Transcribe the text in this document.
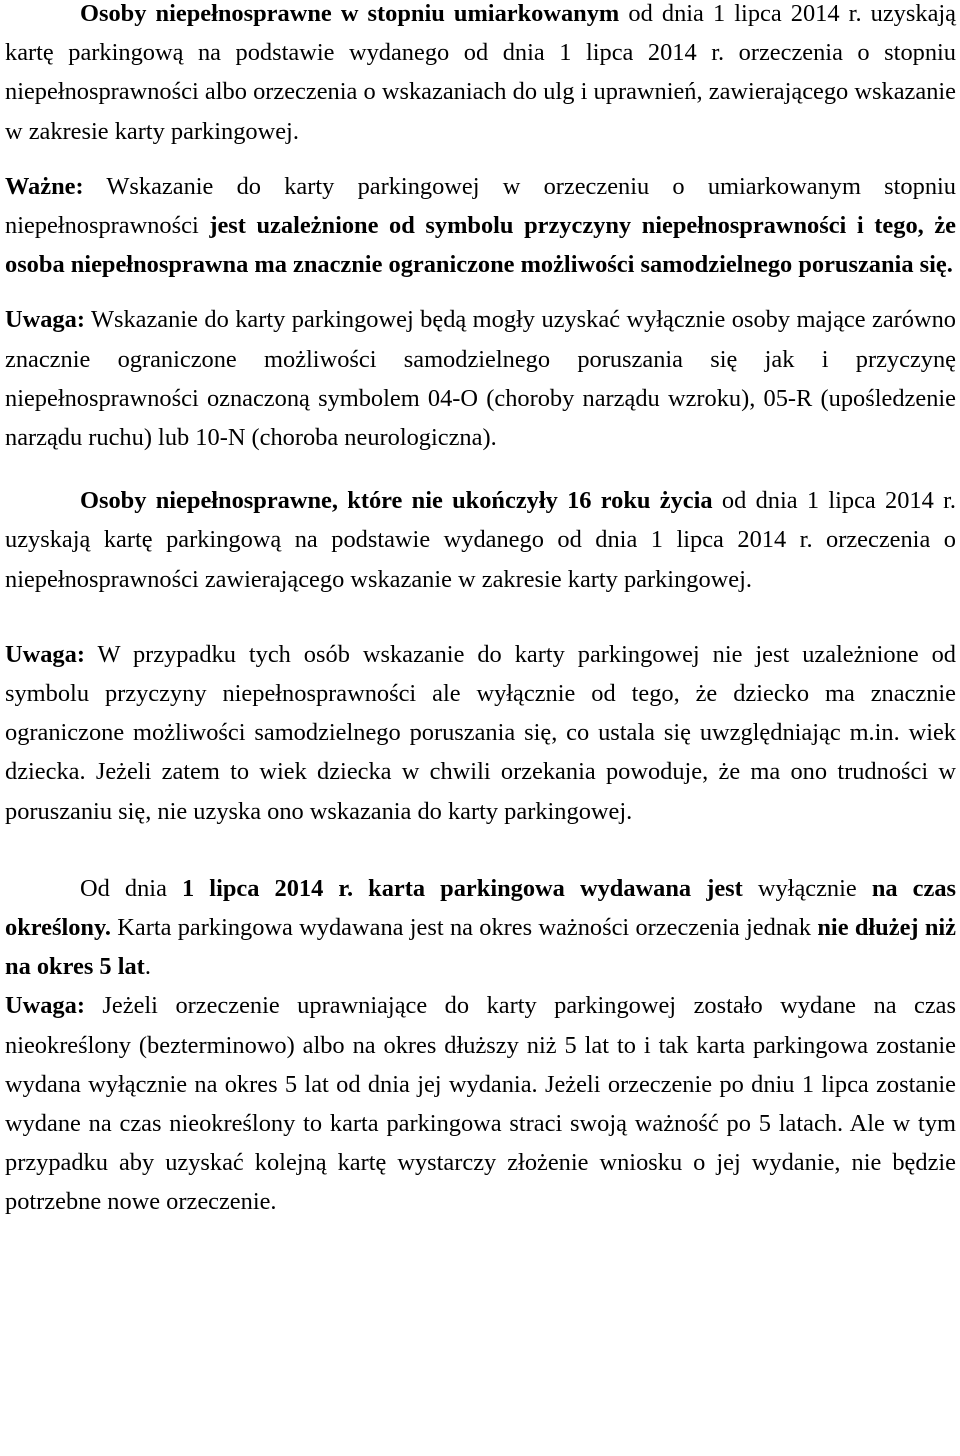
Osoby niepełnosprawne w stopniu umiarkowanym od dnia 1 lipca 2014 r. uzyskają kartę parkingową na podstawie wydanego od dnia 1 lipca 2014 r. orzeczenia o stopniu niepełnosprawności albo orzeczenia o wskazaniach do ulg i uprawnień, zawierającego wskazanie w zakresie karty parkingowej.

Ważne: Wskazanie do karty parkingowej w orzeczeniu o umiarkowanym stopniu niepełnosprawności jest uzależnione od symbolu przyczyny niepełnosprawności i tego, że osoba niepełnosprawna ma znacznie ograniczone możliwości samodzielnego poruszania się.

Uwaga: Wskazanie do karty parkingowej będą mogły uzyskać wyłącznie osoby mające zarówno znacznie ograniczone możliwości samodzielnego poruszania się jak i przyczynę niepełnosprawności oznaczoną symbolem 04-O (choroby narządu wzroku), 05-R (upośledzenie narządu ruchu) lub 10-N (choroba neurologiczna).

Osoby niepełnosprawne, które nie ukończyły 16 roku życia od dnia 1 lipca 2014 r. uzyskają kartę parkingową na podstawie wydanego od dnia 1 lipca 2014 r. orzeczenia o niepełnosprawności zawierającego wskazanie w zakresie karty parkingowej.

Uwaga: W przypadku tych osób wskazanie do karty parkingowej nie jest uzależnione od symbolu przyczyny niepełnosprawności ale wyłącznie od tego, że dziecko ma znacznie ograniczone możliwości samodzielnego poruszania się, co ustala się uwzględniając m.in. wiek dziecka. Jeżeli zatem to wiek dziecka w chwili orzekania powoduje, że ma ono trudności w poruszaniu się, nie uzyska ono wskazania do karty parkingowej.

Od dnia 1 lipca 2014 r. karta parkingowa wydawana jest wyłącznie na czas określony. Karta parkingowa wydawana jest na okres ważności orzeczenia jednak nie dłużej niż na okres 5 lat.

Uwaga: Jeżeli orzeczenie uprawniające do karty parkingowej zostało wydane na czas nieokreślony (bezterminowo) albo na okres dłuższy niż 5 lat to i tak karta parkingowa zostanie wydana wyłącznie na okres 5 lat od dnia jej wydania. Jeżeli orzeczenie po dniu 1 lipca zostanie wydane na czas nieokreślony to karta parkingowa straci swoją ważność po 5 latach. Ale w tym przypadku aby uzyskać kolejną kartę wystarczy złożenie wniosku o jej wydanie, nie będzie potrzebne nowe orzeczenie.
